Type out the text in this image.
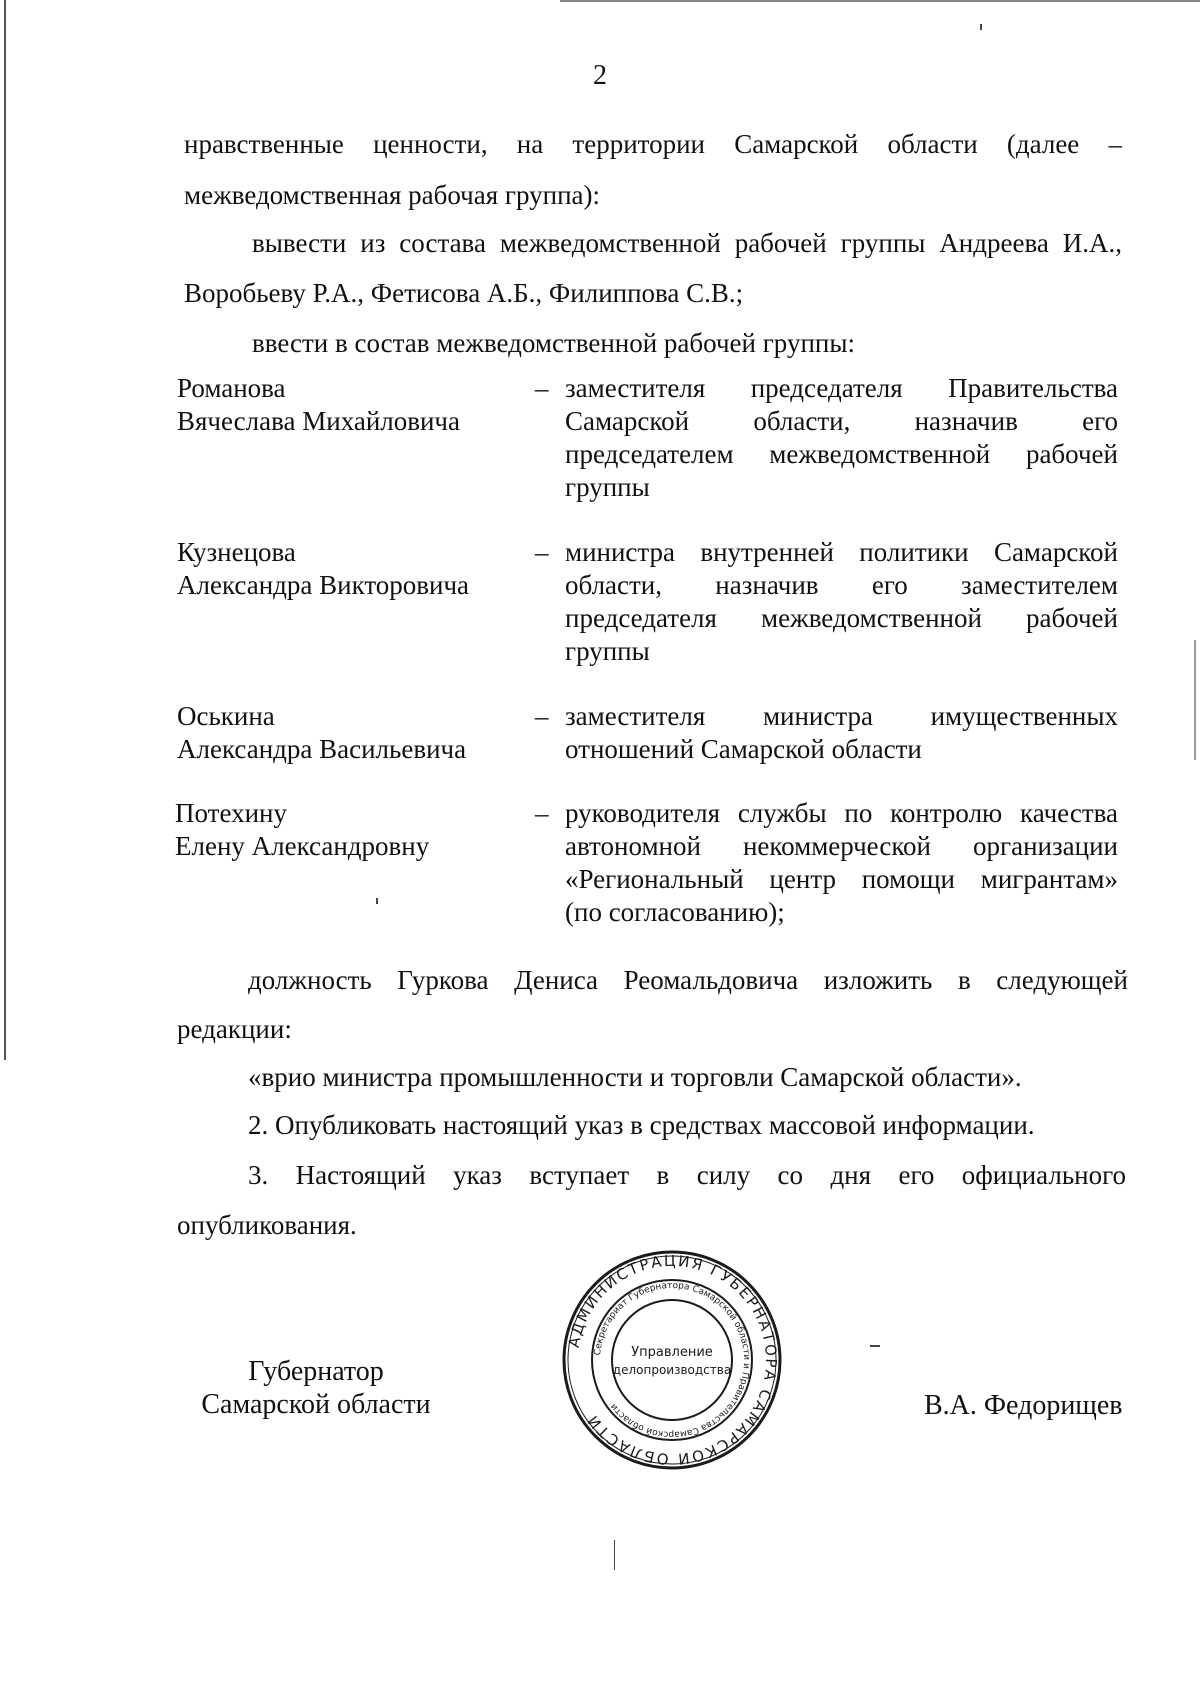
2
нравственные ценности, на территории Самарской области (далее –
межведомственная рабочая группа):
вывести из состава межведомственной рабочей группы Андреева И.А.,
Воробьеву Р.А., Фетисова А.Б., Филиппова С.В.;
ввести в состав межведомственной рабочей группы:
Романова
Вячеслава Михайловича
– заместителя председателя Правительства
Самарской области, назначив его
председателем межведомственной рабочей
группы
Кузнецова
Александра Викторовича
– министра внутренней политики Самарской
области, назначив его заместителем
председателя межведомственной рабочей
группы
Оськина
Александра Васильевича
– заместителя министра имущественных
отношений Самарской области
Потехину
Елену Александровну
– руководителя службы по контролю качества
автономной некоммерческой организации
«Региональный центр помощи мигрантам»
(по согласованию);
должность Гуркова Дениса Реомальдовича изложить в следующей
редакции:
«врио министра промышленности и торговли Самарской области».
2. Опубликовать настоящий указ в средствах массовой информации.
3. Настоящий указ вступает в силу со дня его официального
опубликования.
Губернатор
Самарской области	В.А. Федорищев
АДМИНИСТРАЦИЯ ГУБЕРНАТОРА САМАРСКОЙ ОБЛАСТИ
Секретариат Губернатора Самарской области и Правительства Самарской области
Управление
делопроизводства
